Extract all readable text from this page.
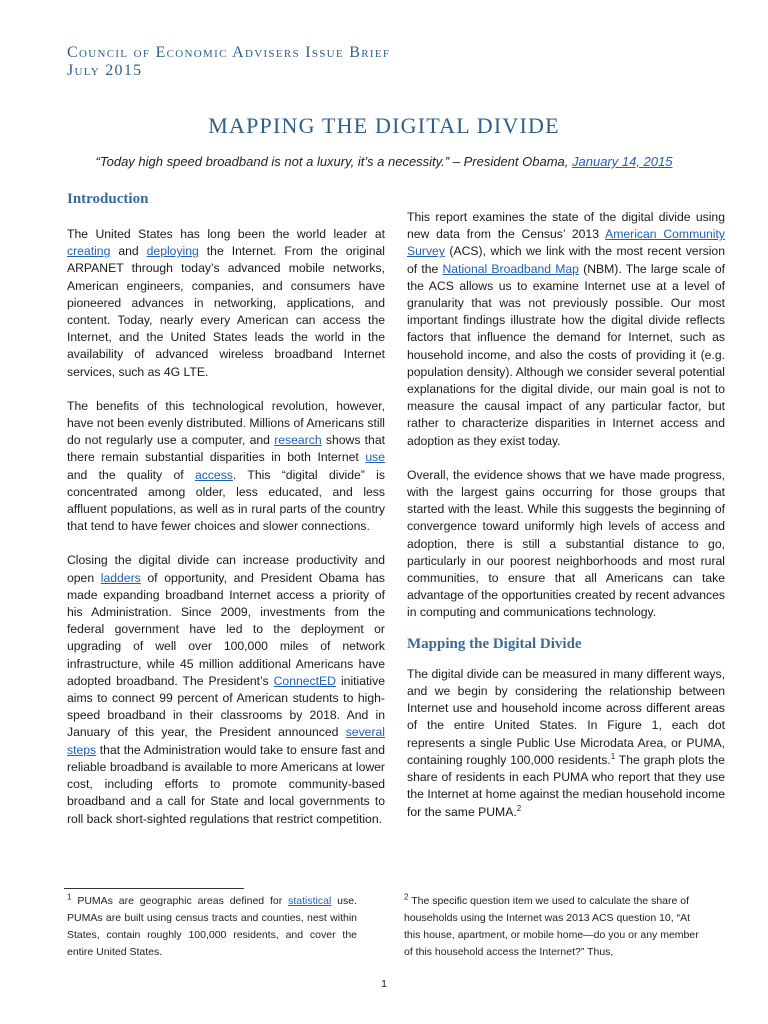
Council of Economic Advisers Issue Brief
July 2015
MAPPING THE DIGITAL DIVIDE
“Today high speed broadband is not a luxury, it’s a necessity.” – President Obama, January 14, 2015
Introduction

The United States has long been the world leader at creating and deploying the Internet. From the original ARPANET through today’s advanced mobile networks, American engineers, companies, and consumers have pioneered advances in networking, applications, and content. Today, nearly every American can access the Internet, and the United States leads the world in the availability of advanced wireless broadband Internet services, such as 4G LTE.

The benefits of this technological revolution, however, have not been evenly distributed. Millions of Americans still do not regularly use a computer, and research shows that there remain substantial disparities in both Internet use and the quality of access. This “digital divide” is concentrated among older, less educated, and less affluent populations, as well as in rural parts of the country that tend to have fewer choices and slower connections.

Closing the digital divide can increase productivity and open ladders of opportunity, and President Obama has made expanding broadband Internet access a priority of his Administration. Since 2009, investments from the federal government have led to the deployment or upgrading of well over 100,000 miles of network infrastructure, while 45 million additional Americans have adopted broadband. The President’s ConnectED initiative aims to connect 99 percent of American students to high-speed broadband in their classrooms by 2018. And in January of this year, the President announced several steps that the Administration would take to ensure fast and reliable broadband is available to more Americans at lower cost, including efforts to promote community-based broadband and a call for State and local governments to roll back short-sighted regulations that restrict competition.

This report examines the state of the digital divide using new data from the Census’ 2013 American Community Survey (ACS), which we link with the most recent version of the National Broadband Map (NBM). The large scale of the ACS allows us to examine Internet use at a level of granularity that was not previously possible. Our most important findings illustrate how the digital divide reflects factors that influence the demand for Internet, such as household income, and also the costs of providing it (e.g. population density). Although we consider several potential explanations for the digital divide, our main goal is not to measure the causal impact of any particular factor, but rather to characterize disparities in Internet access and adoption as they exist today.

Overall, the evidence shows that we have made progress, with the largest gains occurring for those groups that started with the least. While this suggests the beginning of convergence toward uniformly high levels of access and adoption, there is still a substantial distance to go, particularly in our poorest neighborhoods and most rural communities, to ensure that all Americans can take advantage of the opportunities created by recent advances in computing and communications technology.

Mapping the Digital Divide

The digital divide can be measured in many different ways, and we begin by considering the relationship between Internet use and household income across different areas of the entire United States. In Figure 1, each dot represents a single Public Use Microdata Area, or PUMA, containing roughly 100,000 residents.$^1$ The graph plots the share of residents in each PUMA who report that they use the Internet at home against the median household income for the same PUMA.$^2$

$^1$ PUMAs are geographic areas defined for statistical use. PUMAs are built using census tracts and counties, nest within States, contain roughly 100,000 residents, and cover the entire United States.
$^2$ The specific question item we used to calculate the share of households using the Internet was 2013 ACS question 10, “At this house, apartment, or mobile home—do you or any member of this household access the Internet?” Thus,
1
